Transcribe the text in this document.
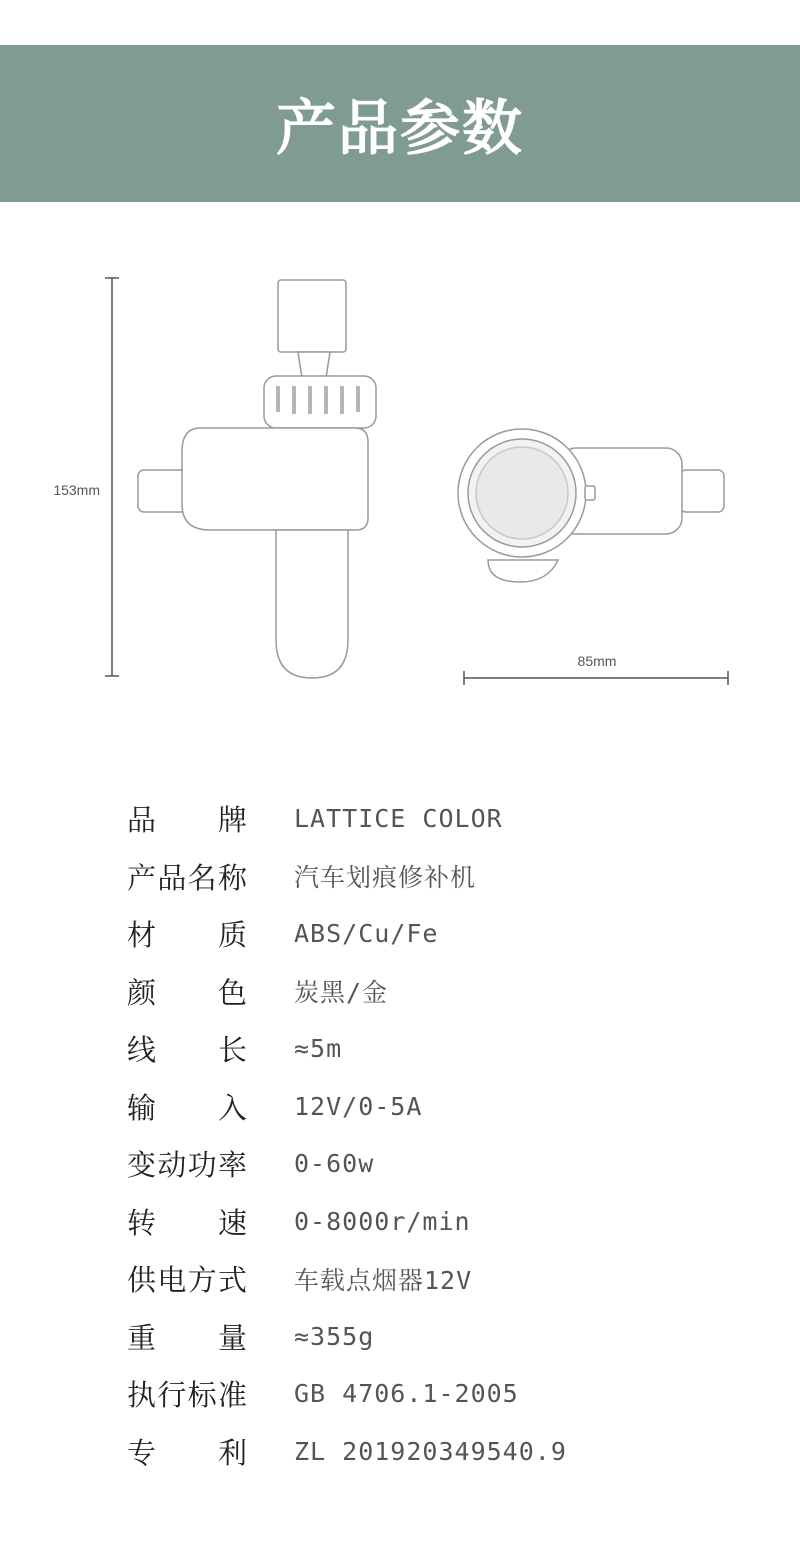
产品参数
153mm
85mm
品 牌 LATTICE COLOR
产 品 名 称 汽车划痕修补机
材 质 ABS/Cu/Fe
颜 色 炭黑/金
线 长 ≈5m
输 入 12V/0-5A
变 动 功 率 0-60w
转 速 0-8000r/min
供 电 方 式 车载点烟器12V
重 量 ≈355g
执 行 标 准 GB 4706.1-2005
专 利 ZL 201920349540.9
